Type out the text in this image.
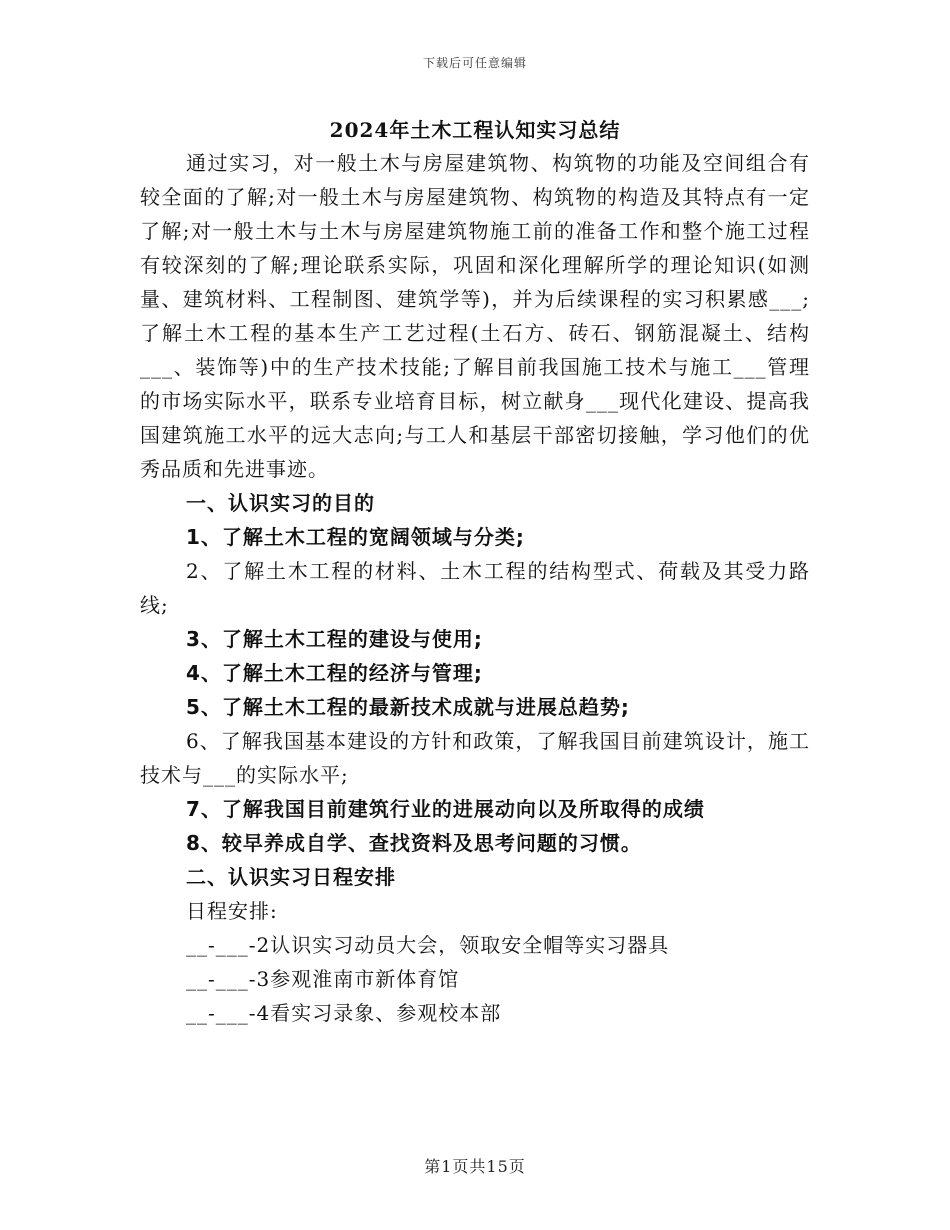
下载后可任意编辑
2024年土木工程认知实习总结

通过实习，对一般土木与房屋建筑物、构筑物的功能及空间组合有较全面的了解;对一般土木与房屋建筑物、构筑物的构造及其特点有一定了解;对一般土木与土木与房屋建筑物施工前的准备工作和整个施工过程有较深刻的了解;理论联系实际，巩固和深化理解所学的理论知识(如测量、建筑材料、工程制图、建筑学等)，并为后续课程的实习积累感___;了解土木工程的基本生产工艺过程(土石方、砖石、钢筋混凝土、结构___、装饰等)中的生产技术技能;了解目前我国施工技术与施工___管理的市场实际水平，联系专业培育目标，树立献身___现代化建设、提高我国建筑施工水平的远大志向;与工人和基层干部密切接触，学习他们的优秀品质和先进事迹。

一、认识实习的目的

1、了解土木工程的宽阔领域与分类;

2、了解土木工程的材料、土木工程的结构型式、荷载及其受力路线;

3、了解土木工程的建设与使用;

4、了解土木工程的经济与管理;

5、了解土木工程的最新技术成就与进展总趋势;

6、了解我国基本建设的方针和政策，了解我国目前建筑设计，施工技术与___的实际水平;

7、了解我国目前建筑行业的进展动向以及所取得的成绩

8、较早养成自学、查找资料及思考问题的习惯。

二、认识实习日程安排

日程安排:

__-___-2认识实习动员大会，领取安全帽等实习器具

__-___-3参观淮南市新体育馆

__-___-4看实习录象、参观校本部

第1页共15页
